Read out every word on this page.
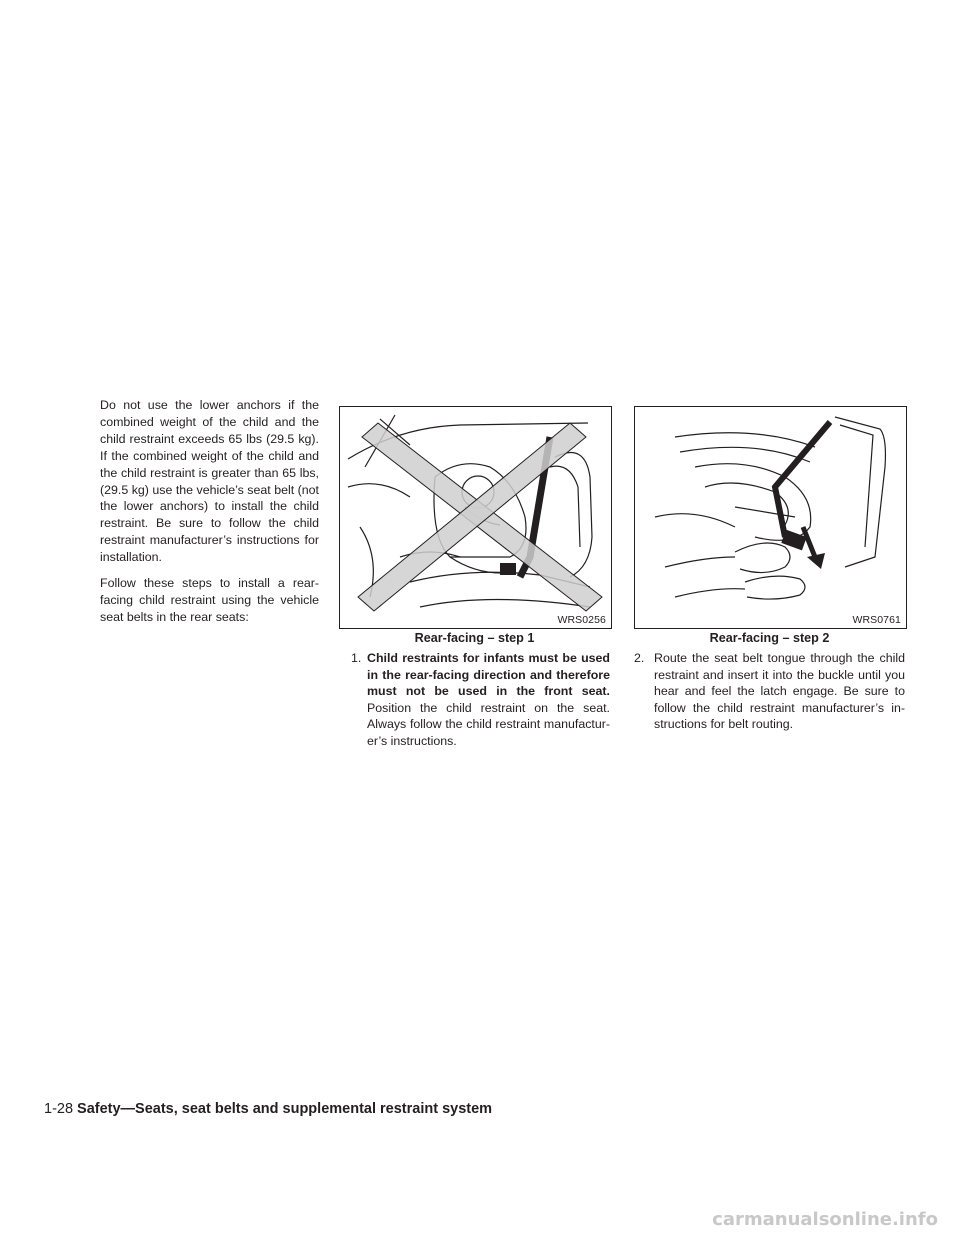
Do not use the lower anchors if the combined weight of the child and the child restraint exceeds 65 lbs (29.5 kg). If the combined weight of the child and the child restraint is greater than 65 lbs, (29.5 kg) use the vehicle’s seat belt (not the lower anchors) to install the child restraint. Be sure to follow the child restraint manufacturer’s instructions for installation.

Follow these steps to install a rear-facing child restraint using the vehicle seat belts in the rear seats:	WRS0256
Rear-facing – step 1
WRS0761
Rear-facing – step 2
1. Child restraints for infants must be used in the rear-facing direction and therefore must not be used in the front seat. Position the child restraint on the seat. Always follow the child restraint manufactur-er’s instructions.
2. Route the seat belt tongue through the child restraint and insert it into the buckle until you hear and feel the latch engage. Be sure to follow the child restraint manufacturer’s in-structions for belt routing.
1-28 Safety—Seats, seat belts and supplemental restraint system
carmanualsonline.info
